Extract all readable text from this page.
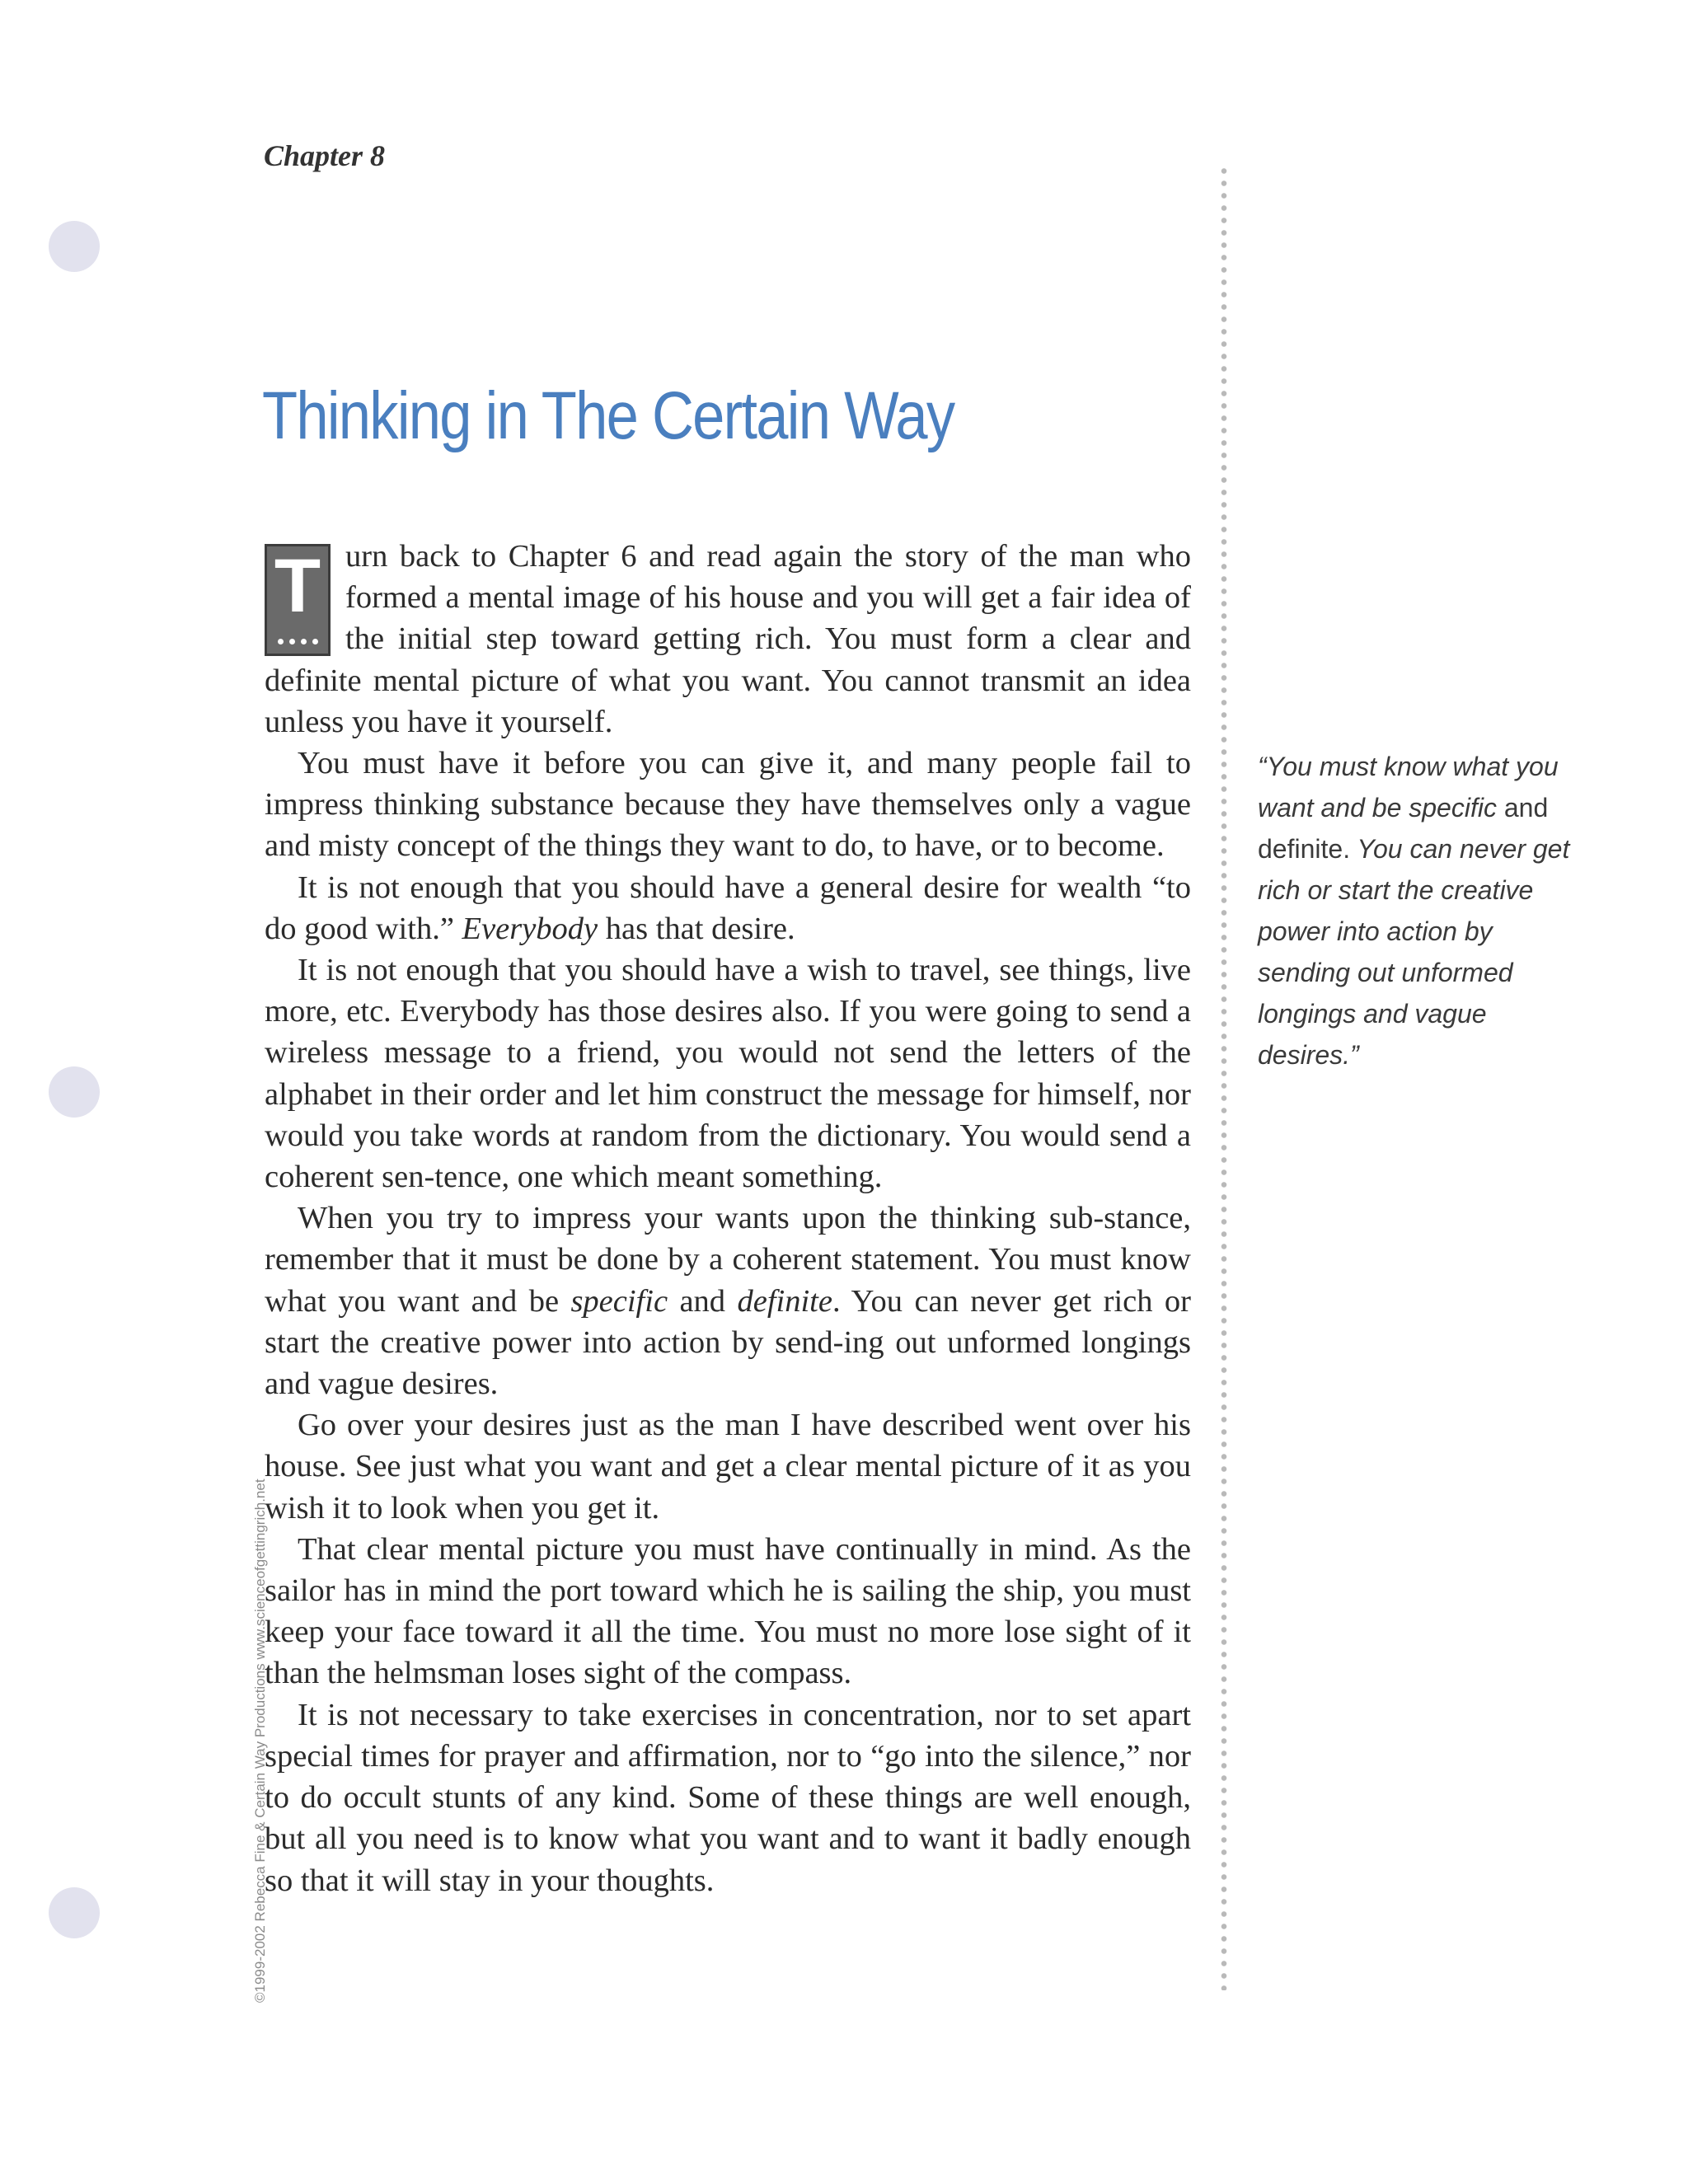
Chapter 8
Thinking in The Certain Way

Turn back to Chapter 6 and read again the story of the man who formed a mental image of his house and you will get a fair idea of the initial step toward getting rich. You must form a clear and definite mental picture of what you want. You cannot transmit an idea unless you have it yourself.

You must have it before you can give it, and many people fail to impress thinking substance because they have themselves only a vague and misty concept of the things they want to do, to have, or to become.

It is not enough that you should have a general desire for wealth “to do good with.” Everybody has that desire.

It is not enough that you should have a wish to travel, see things, live more, etc. Everybody has those desires also. If you were going to send a wireless message to a friend, you would not send the letters of the alphabet in their order and let him construct the message for himself, nor would you take words at random from the dictionary. You would send a coherent sen-tence, one which meant something.

When you try to impress your wants upon the thinking sub-stance, remember that it must be done by a coherent statement. You must know what you want and be specific and definite. You can never get rich or start the creative power into action by send-ing out unformed longings and vague desires.

Go over your desires just as the man I have described went over his house. See just what you want and get a clear mental picture of it as you wish it to look when you get it.

That clear mental picture you must have continually in mind. As the sailor has in mind the port toward which he is sailing the ship, you must keep your face toward it all the time. You must no more lose sight of it than the helmsman loses sight of the compass.

It is not necessary to take exercises in concentration, nor to set apart special times for prayer and affirmation, nor to “go into the silence,” nor to do occult stunts of any kind. Some of these things are well enough, but all you need is to know what you want and to want it badly enough so that it will stay in your thoughts.

“You must know what you want and be specific and definite. You can never get rich or start the creative power into action by sending out unformed longings and vague desires.”
©1999-2002 Rebecca Fine & Certain Way Productions www.scienceofgettingrich.net
